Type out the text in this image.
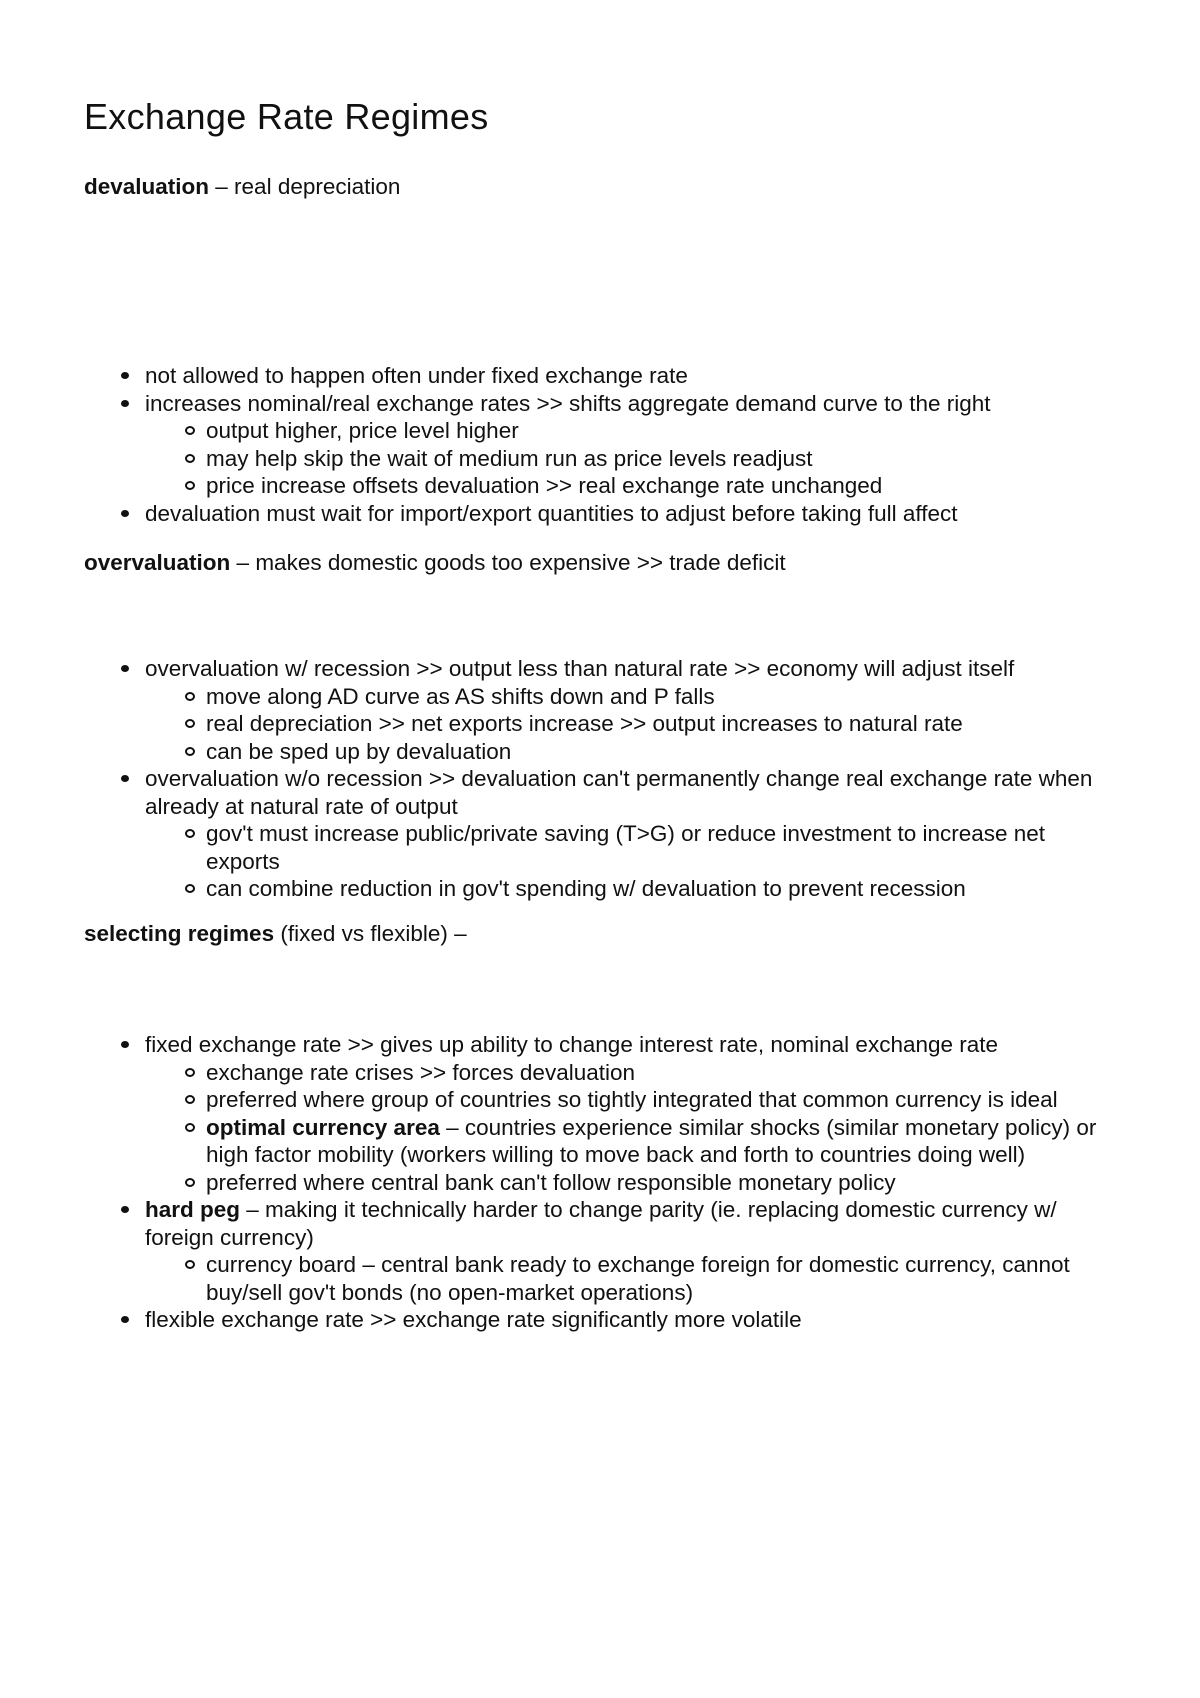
Exchange Rate Regimes

devaluation – real depreciation

not allowed to happen often under fixed exchange rate
increases nominal/real exchange rates >> shifts aggregate demand curve to the right
output higher, price level higher
may help skip the wait of medium run as price levels readjust
price increase offsets devaluation >> real exchange rate unchanged
devaluation must wait for import/export quantities to adjust before taking full affect

overvaluation – makes domestic goods too expensive >> trade deficit

overvaluation w/ recession >> output less than natural rate >> economy will adjust itself
move along AD curve as AS shifts down and P falls
real depreciation >> net exports increase >> output increases to natural rate
can be sped up by devaluation
overvaluation w/o recession >> devaluation can't permanently change real exchange rate when already at natural rate of output
gov't must increase public/private saving (T>G) or reduce investment to increase net exports
can combine reduction in gov't spending w/ devaluation to prevent recession

selecting regimes (fixed vs flexible) –

fixed exchange rate >> gives up ability to change interest rate, nominal exchange rate
exchange rate crises >> forces devaluation
preferred where group of countries so tightly integrated that common currency is ideal
optimal currency area – countries experience similar shocks (similar monetary policy) or high factor mobility (workers willing to move back and forth to countries doing well)
preferred where central bank can't follow responsible monetary policy
hard peg – making it technically harder to change parity (ie. replacing domestic currency w/ foreign currency)
currency board – central bank ready to exchange foreign for domestic currency, cannot buy/sell gov't bonds (no open-market operations)
flexible exchange rate >> exchange rate significantly more volatile
